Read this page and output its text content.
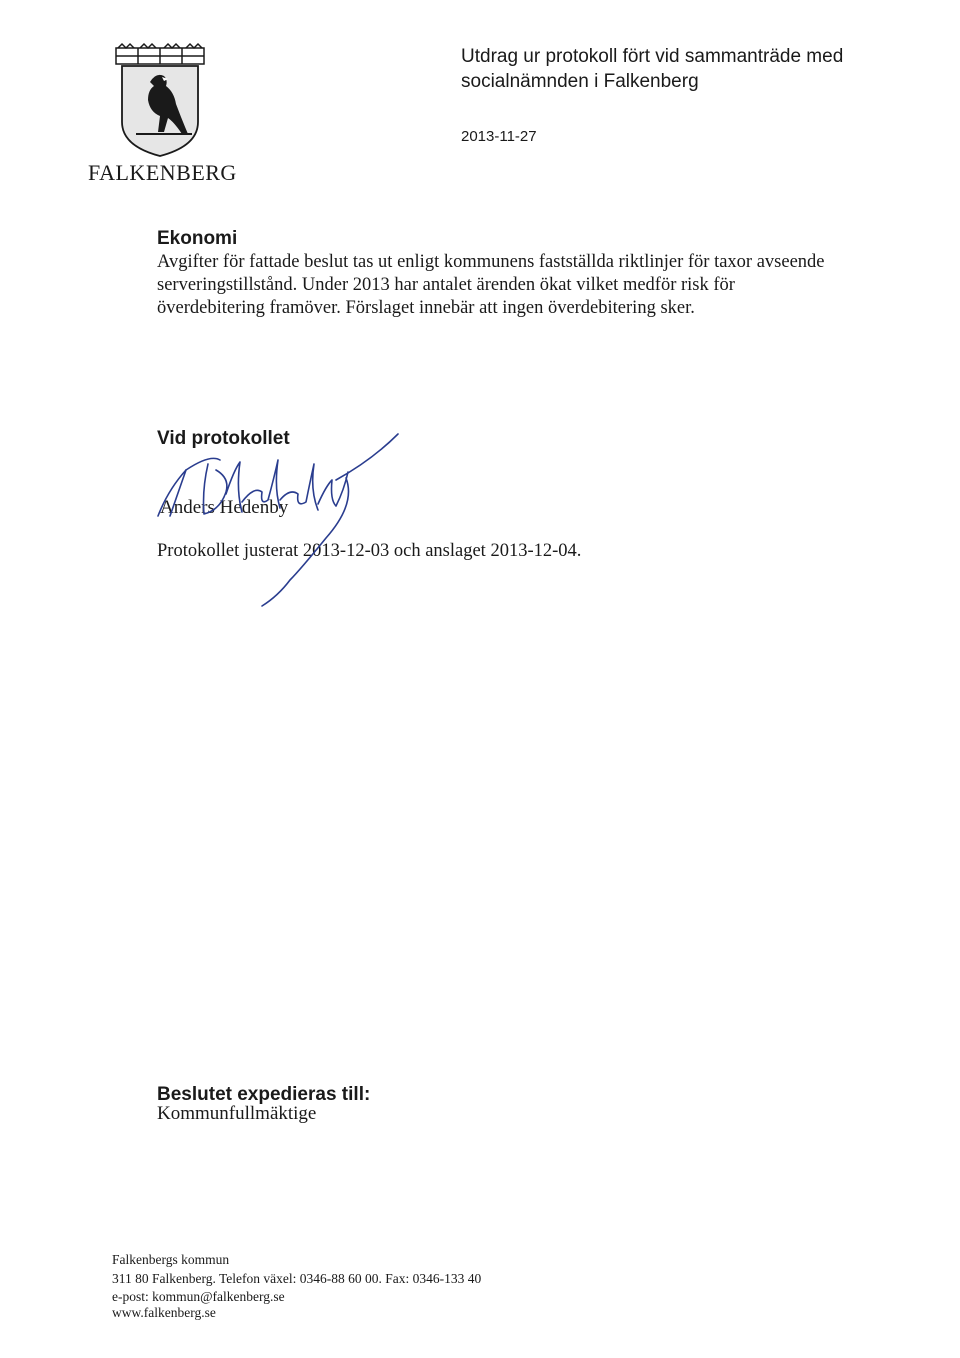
FALKENBERG
Utdrag ur protokoll fört vid sammanträde med
socialnämnden i Falkenberg
2013-11-27
Ekonomi
Avgifter för fattade beslut tas ut enligt kommunens fastställda riktlinjer för taxor avseende
serveringstillstånd. Under 2013 har antalet ärenden ökat vilket medför risk för
överdebitering framöver. Förslaget innebär att ingen överdebitering sker.
Vid protokollet
Anders Hedenby
Protokollet justerat 2013-12-03 och anslaget 2013-12-04.
Beslutet expedieras till:
Kommunfullmäktige
Falkenbergs kommun
311 80 Falkenberg. Telefon växel: 0346-88 60 00. Fax: 0346-133 40
e-post: kommun@falkenberg.se
www.falkenberg.se
